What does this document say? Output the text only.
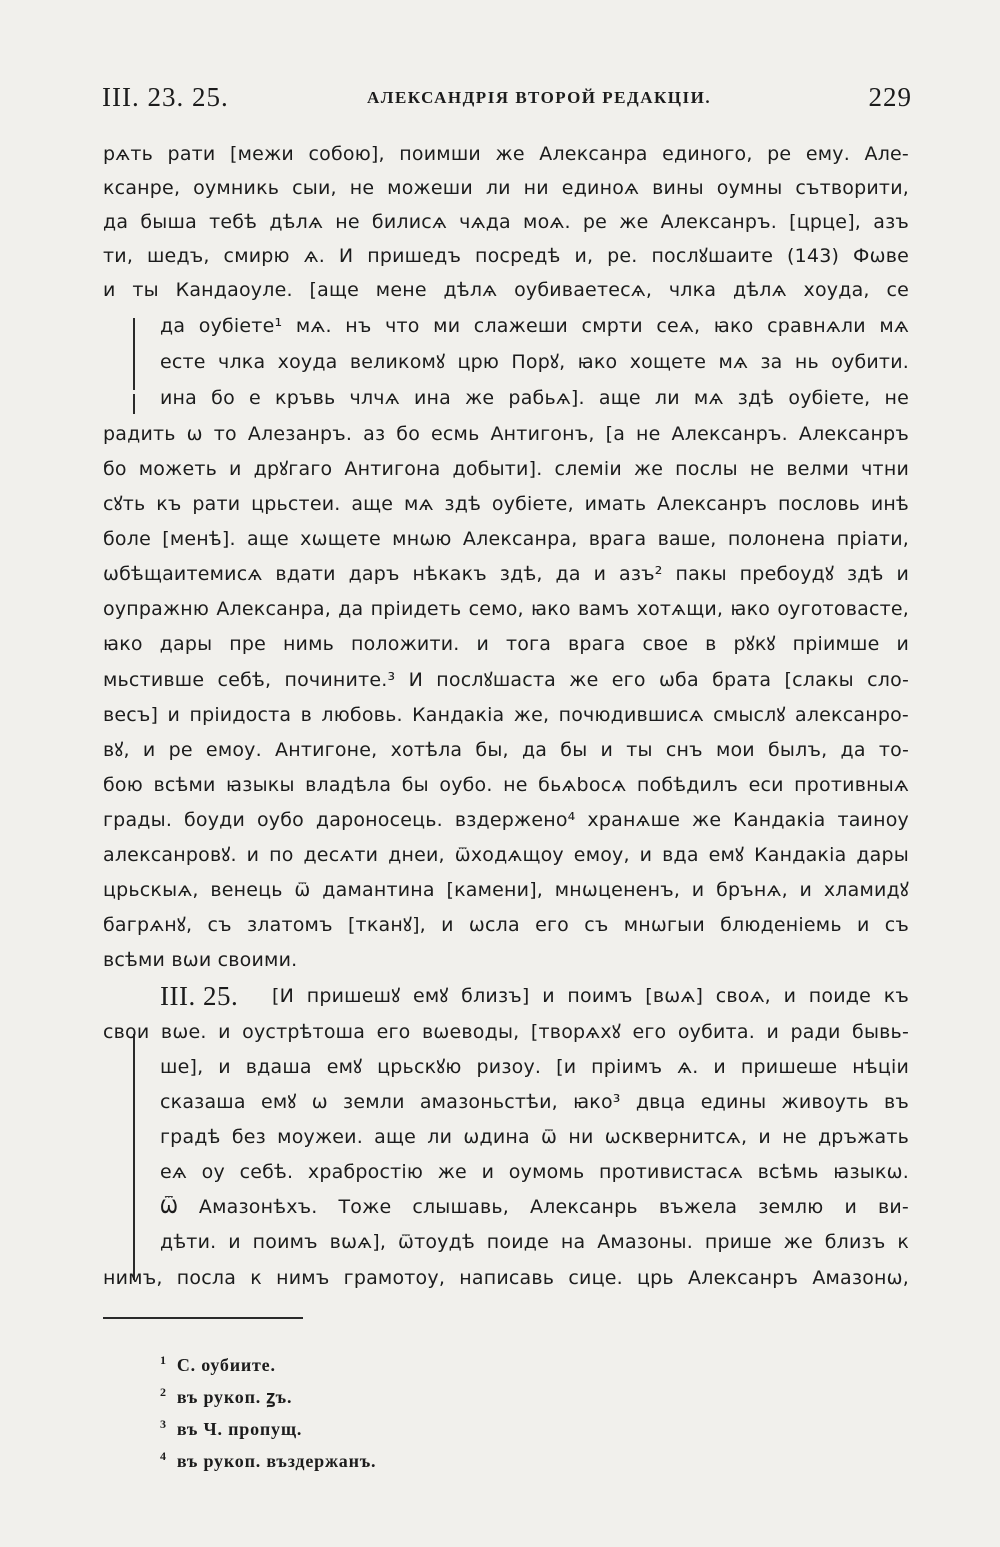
III. 23. 25.	АЛЕКСАНДРІЯ ВТОРОЙ РЕДАКЦІИ.	229
рѧть рати [межи собою], поимши же Алексанра единого, ре ему. Але-
ксанре, оумникь сыи, не можеши ли ни единоѧ вины оумны сътворити,
да быша тебѣ дѣлѧ не билисѧ чѧда моѧ. ре же Алексанръ. [црце], азъ
ти, шедъ, смирю ѧ. И пришедъ посредѣ и, ре. послꙋшаите (143) Фѡве
и ты Кандаоуле. [аще мене дѣлѧ оубиваетесѧ, члка дѣлѧ хоуда, се
да оубiете¹ мѧ. нъ что ми слажеши смрти сеѧ, ꙗко сравнѧли мѧ
есте члка хоуда великомꙋ црю Порꙋ, ꙗко хощете мѧ за нь оубити.
ина бо е кръвь члчѧ ина же рабьѧ]. аще ли мѧ здѣ оубiете, не
радить ѡ то Алезанръ. аз бо есмь Антигонъ, [а не Алексанръ. Алексанръ
бо можеть и дрꙋгаго Антигона добыти]. слемiи же послы не велми чтни
сꙋть къ рати црьстеи. аще мѧ здѣ оубiете, имать Алексанръ пословь инѣ
боле [менѣ]. аще хѡщете мнѡю Алексанра, врага ваше, полонена прiати,
ѡбѣщаитемисѧ вдати даръ нѣкакъ здѣ, да и азъ² пакы пребоудꙋ здѣ и
оупражню Алексанра, да прiидеть семо, ꙗко вамъ хотѧщи, ꙗко оуготоваcте,
ꙗко дары пре нимь положити. и тога врага свое в рꙋкꙋ прiимше и
мьстивше себѣ, почините.³ И послꙋшаста же его ѡба брата [слакы сло-
весъ] и прiидоста в любовь. Кандакiа же, почюдившисѧ смыслꙋ алексанро-
вꙋ, и ре емоу. Антигоне, хотѣла бы, да бы и ты снъ мои былъ, да то-
бою всѣми ꙗзыкы владѣла бы оубо. не бьѧbосѧ побѣдилъ еси противныѧ
грады. боуди оубо дароносець. вздержено⁴ хранѧше же Кандакiа таиноу
алексанровꙋ. и по десѧти днеи, ѿходѧщоу емоу, и вда емꙋ Кандакiа дары
црьскыѧ, венець ѿ дамантина [камени], мнѡценeнъ, и брънѧ, и хламидꙋ
багрѧнꙋ, съ златомъ [тканꙋ], и ѡсла его съ мнѡгыи блюденiемь и съ
всѣми вѡи своими.
III. 25. [И пришешꙋ емꙋ близъ] и поимъ [вѡѧ] своѧ, и поиде къ
свои вѡе. и оустрѣтоша его вѡеводы, [творѧхꙋ его оубита. и ради бывь-
ше], и вдаша емꙋ црьскꙋю ризоу. [и прiимъ ѧ. и пришеше нѣцiи
сказаша емꙋ ѡ земли амазоньстѣи, ꙗко³ двца едины живоуть въ
градѣ без моужеи. аще ли ѡдина ѿ ни ѡсквернитсѧ, и не дръжать
еѧ оу себѣ. храбростiю же и оумомь противистасѧ всѣмь ꙗзыкѡ.
Ѿ Амазонѣхъ. Тоже слышавь, Алексанрь въжела землю и ви-
дѣти. и поимъ вѡѧ], ѿтоудѣ поиде на Амазоны. прише же близъ к
нимъ, посла к нимъ грамотоу, написавь сице. црь Алексанръ Амазонѡ,
$^1$ С. оубиите.
$^2$ въ рукоп. ꙁъ.
$^3$ въ Ч. пропущ.
$^4$ въ рукоп. въздержанъ.
